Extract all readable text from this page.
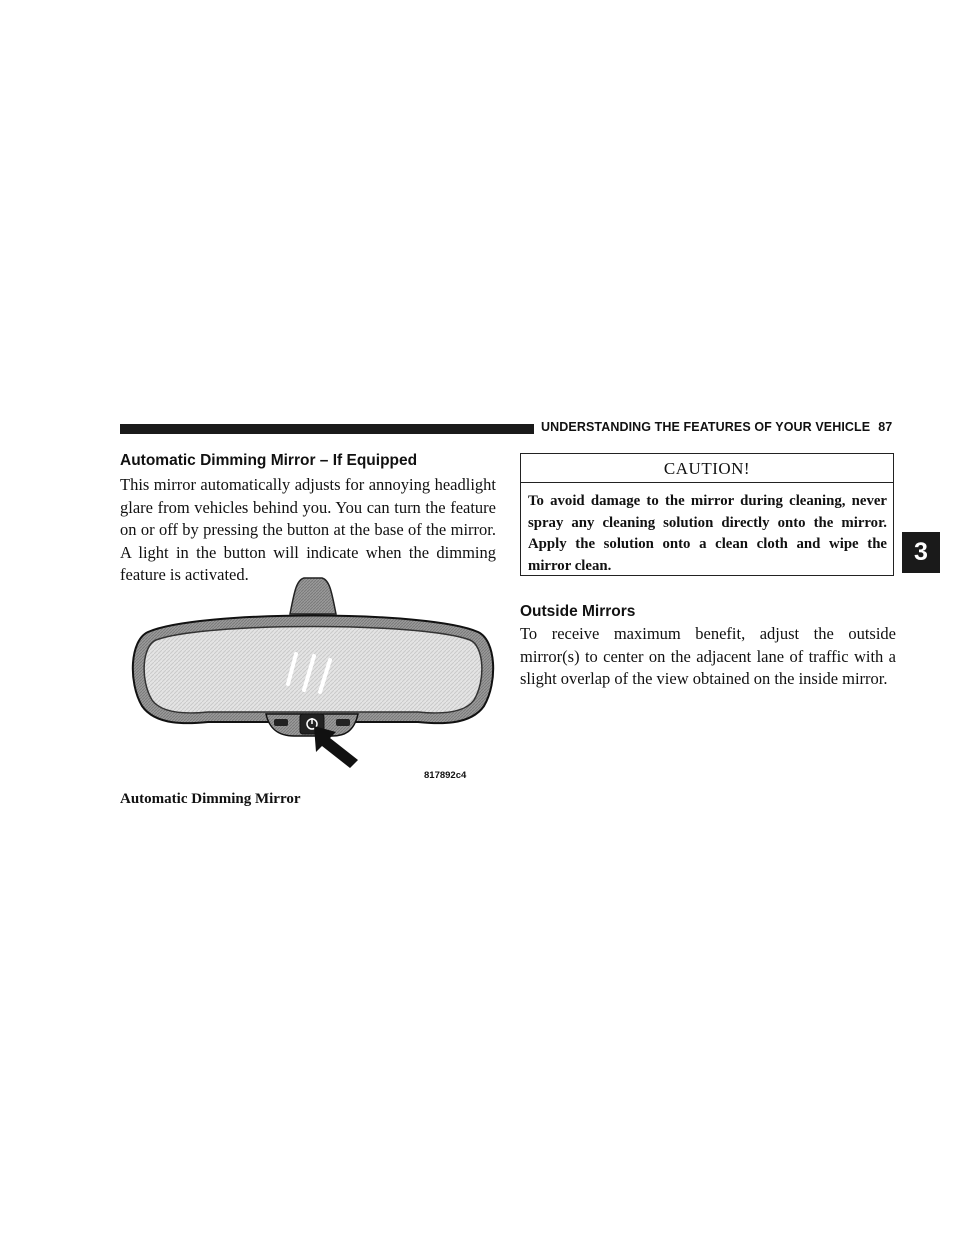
UNDERSTANDING THE FEATURES OF YOUR VEHICLE 87
3
Automatic Dimming Mirror – If Equipped

This mirror automatically adjusts for annoying headlight glare from vehicles behind you. You can turn the feature on or off by pressing the button at the base of the mirror. A light in the button will indicate when the dimming feature is activated.

817892c4
Automatic Dimming Mirror
CAUTION!
To avoid damage to the mirror during cleaning, never spray any cleaning solution directly onto the mirror. Apply the solution onto a clean cloth and wipe the mirror clean.
Outside Mirrors

To receive maximum benefit, adjust the outside mirror(s) to center on the adjacent lane of traffic with a slight overlap of the view obtained on the inside mirror.
